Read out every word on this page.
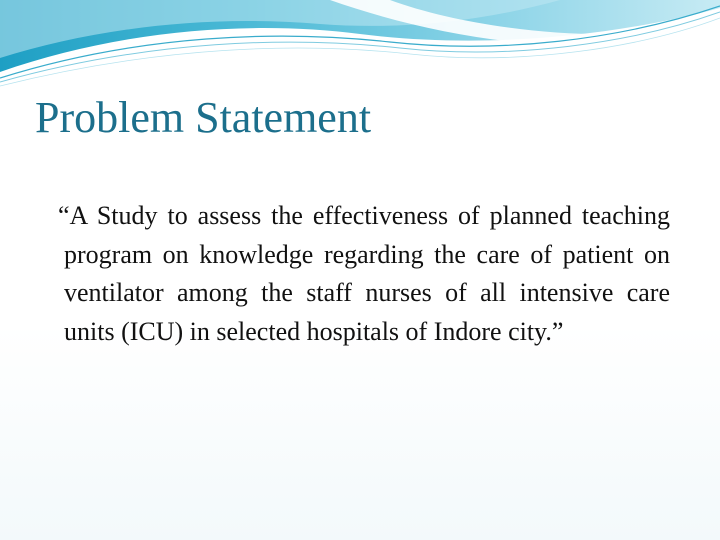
Problem Statement

“A Study to assess the effectiveness of planned teaching program on knowledge regarding the care of patient on ventilator among the staff nurses of all intensive care units (ICU) in selected hospitals of Indore city.”
